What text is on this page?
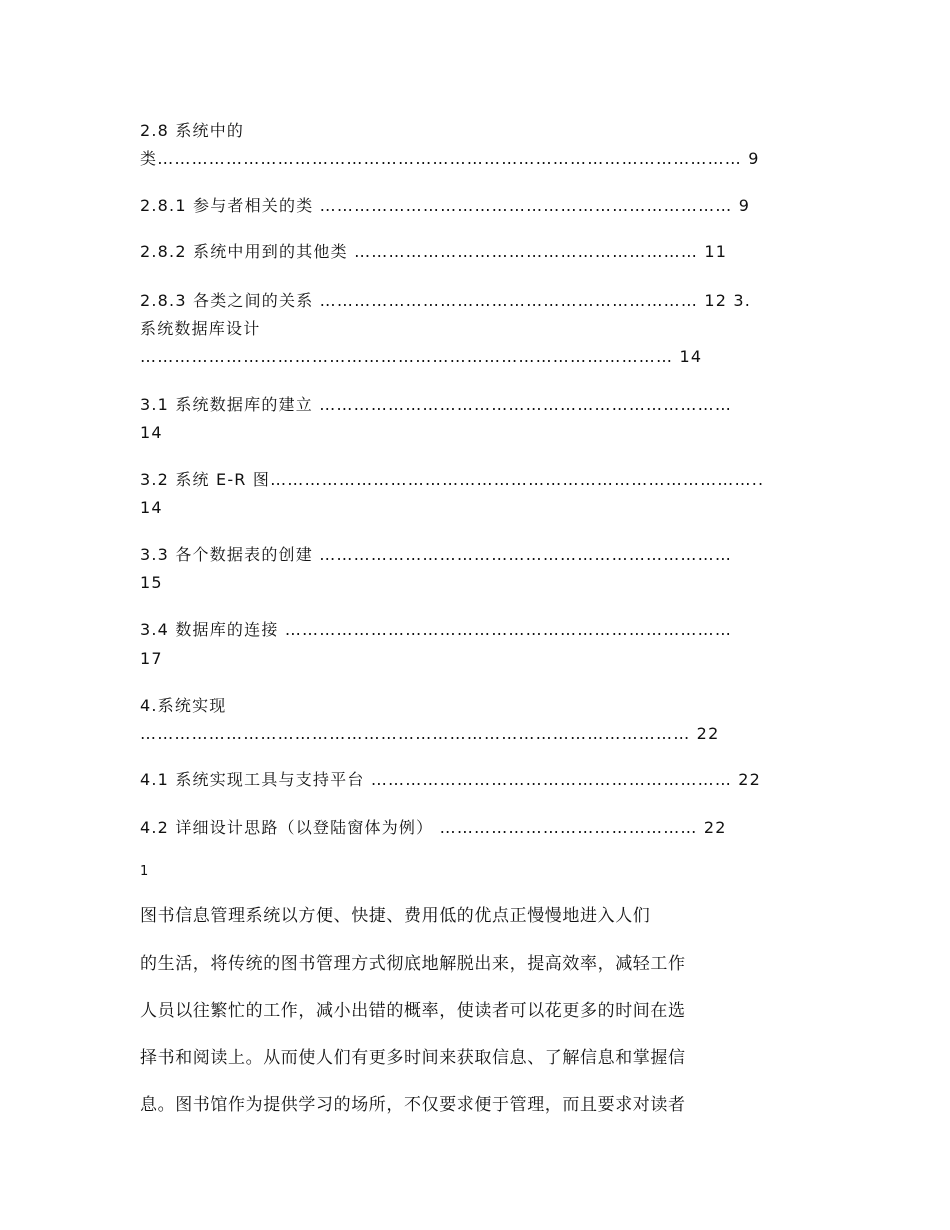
2.8 系统中的
类………………………………………………………………………………………… 9
2.8.1 参与者相关的类 ……………………………………………………………… 9
2.8.2 系统中用到的其他类 …………………………………………………… 11
2.8.3 各类之间的关系 ………………………………………………………… 12 3.
系统数据库设计
………………………………………………………………………………… 14
3.1 系统数据库的建立 ………………………………………………………………
14
3.2 系统 E-R 图…………………………………………………………………………..
14
3.3 各个数据表的创建 ………………………………………………………………
15
3.4 数据库的连接 ……………………………………………………………………
17
4.系统实现
…………………………………………………………………………………… 22
4.1 系统实现工具与支持平台 ……………………………………………………… 22
4.2 详细设计思路（以登陆窗体为例） ……………………………………… 22
1
图书信息管理系统以方便、快捷、费用低的优点正慢慢地进入人们
的生活，将传统的图书管理方式彻底地解脱出来，提高效率，减轻工作
人员以往繁忙的工作，减小出错的概率，使读者可以花更多的时间在选
择书和阅读上。从而使人们有更多时间来获取信息、了解信息和掌握信
息。图书馆作为提供学习的场所，不仅要求便于管理，而且要求对读者
